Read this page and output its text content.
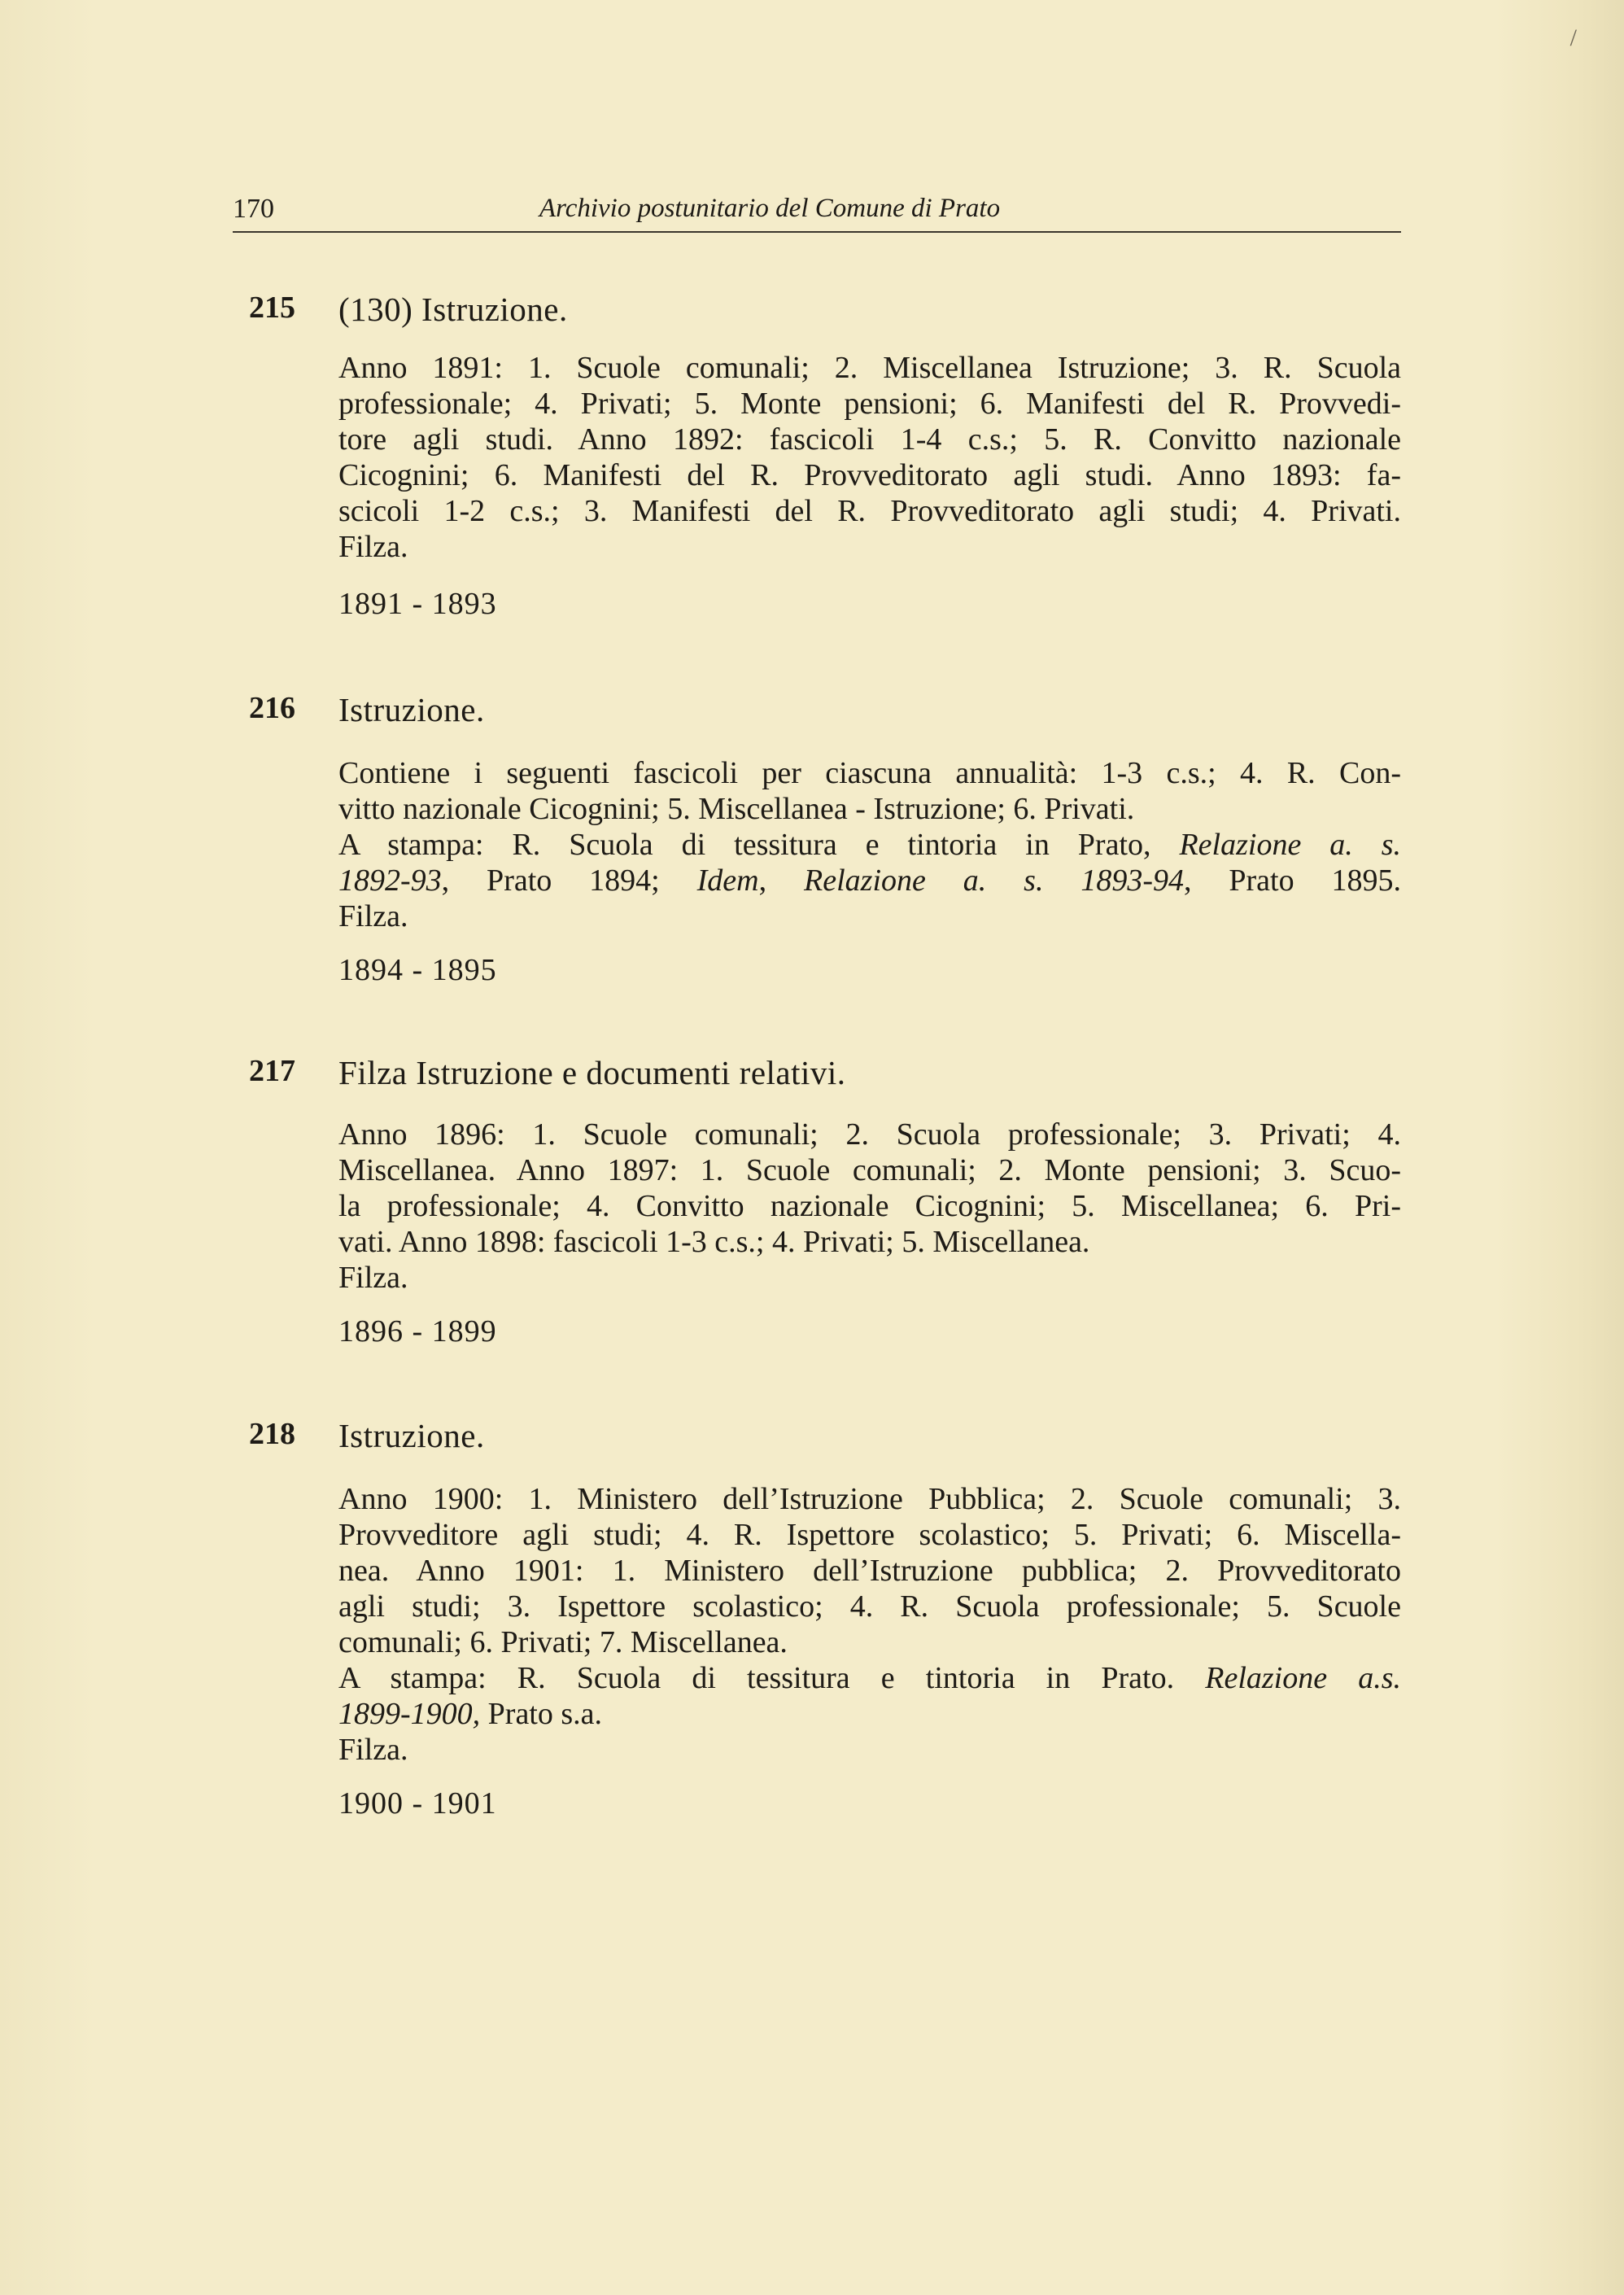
/
170	Archivio postunitario del Comune di Prato
215 (130) Istruzione.
Anno 1891: 1. Scuole comunali; 2. Miscellanea Istruzione; 3. R. Scuola
professionale; 4. Privati; 5. Monte pensioni; 6. Manifesti del R. Provvedi-
tore agli studi. Anno 1892: fascicoli 1-4 c.s.; 5. R. Convitto nazionale
Cicognini; 6. Manifesti del R. Provveditorato agli studi. Anno 1893: fa-
scicoli 1-2 c.s.; 3. Manifesti del R. Provveditorato agli studi; 4. Privati.
Filza.
1891 - 1893
216 Istruzione.
Contiene i seguenti fascicoli per ciascuna annualità: 1-3 c.s.; 4. R. Con-
vitto nazionale Cicognini; 5. Miscellanea - Istruzione; 6. Privati.
A stampa: R. Scuola di tessitura e tintoria in Prato, Relazione a. s.
1892-93, Prato 1894; Idem, Relazione a. s. 1893-94, Prato 1895.
Filza.
1894 - 1895
217 Filza Istruzione e documenti relativi.
Anno 1896: 1. Scuole comunali; 2. Scuola professionale; 3. Privati; 4.
Miscellanea. Anno 1897: 1. Scuole comunali; 2. Monte pensioni; 3. Scuo-
la professionale; 4. Convitto nazionale Cicognini; 5. Miscellanea; 6. Pri-
vati. Anno 1898: fascicoli 1-3 c.s.; 4. Privati; 5. Miscellanea.
Filza.
1896 - 1899
218 Istruzione.
Anno 1900: 1. Ministero dell’Istruzione Pubblica; 2. Scuole comunali; 3.
Provveditore agli studi; 4. R. Ispettore scolastico; 5. Privati; 6. Miscella-
nea. Anno 1901: 1. Ministero dell’Istruzione pubblica; 2. Provveditorato
agli studi; 3. Ispettore scolastico; 4. R. Scuola professionale; 5. Scuole
comunali; 6. Privati; 7. Miscellanea.
A stampa: R. Scuola di tessitura e tintoria in Prato. Relazione a.s.
1899-1900, Prato s.a.
Filza.
1900 - 1901
